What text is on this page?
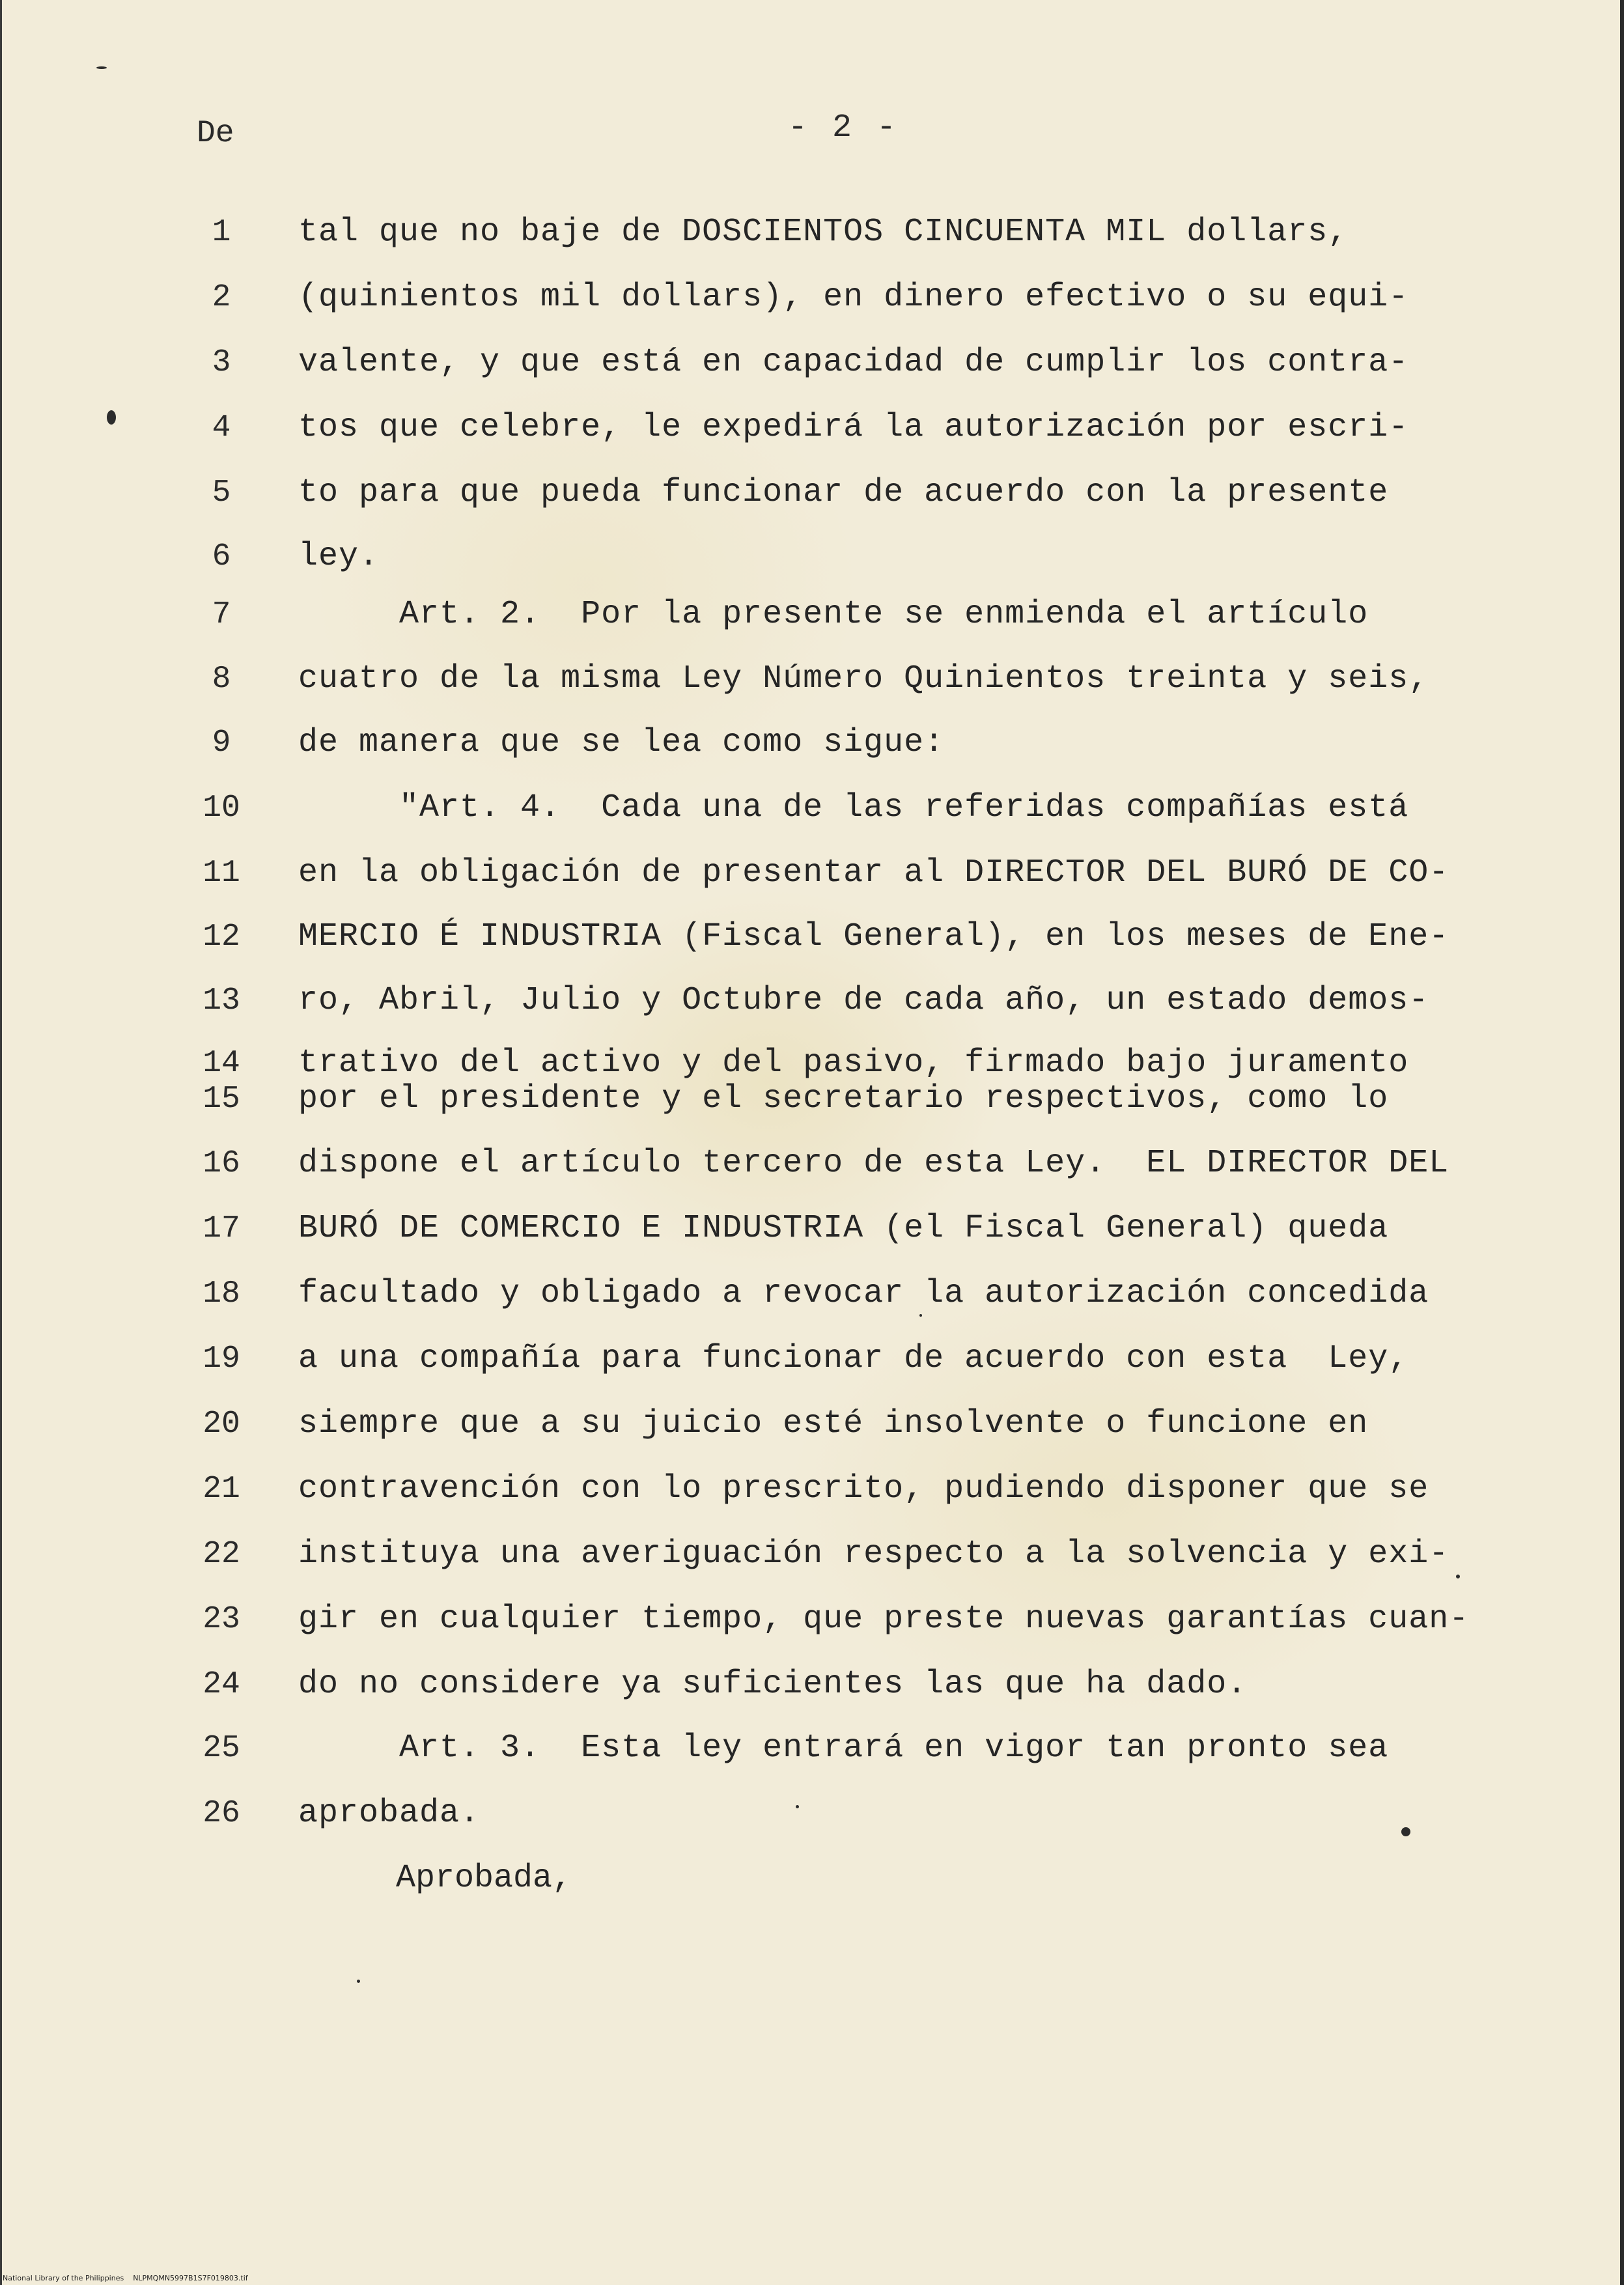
De	- 2 -
1	tal que no baje de DOSCIENTOS CINCUENTA MIL dollars,
2	(quinientos mil dollars), en dinero efectivo o su equi-
3	valente, y que está en capacidad de cumplir los contra-
4	tos que celebre, le expedirá la autorización por escri-
5	to para que pueda funcionar de acuerdo con la presente
6	ley.
7	Art. 2.  Por la presente se enmienda el artículo
8	cuatro de la misma Ley Número Quinientos treinta y seis,
9	de manera que se lea como sigue:
10 "Art. 4.  Cada una de las referidas compañías está
11 en la obligación de presentar al DIRECTOR DEL BURÓ DE CO-
12 MERCIO É INDUSTRIA (Fiscal General), en los meses de Ene-
13 ro, Abril, Julio y Octubre de cada año, un estado demos-
14 trativo del activo y del pasivo, firmado bajo juramento
15 por el presidente y el secretario respectivos, como lo
16 dispone el artículo tercero de esta Ley.  EL DIRECTOR DEL
17 BURÓ DE COMERCIO E INDUSTRIA (el Fiscal General) queda
18 facultado y obligado a revocar la autorización concedida
19 a una compañía para funcionar de acuerdo con esta  Ley,
20 siempre que a su juicio esté insolvente o funcione en
21 contravención con lo prescrito, pudiendo disponer que se
22 instituya una averiguación respecto a la solvencia y exi-
23 gir en cualquier tiempo, que preste nuevas garantías cuan-
24 do no considere ya suficientes las que ha dado.
25 Art. 3.  Esta ley entrará en vigor tan pronto sea
26 aprobada.
Aprobada,
National Library of the Philippines    NLPMQMN5997B1S7F019803.tif
